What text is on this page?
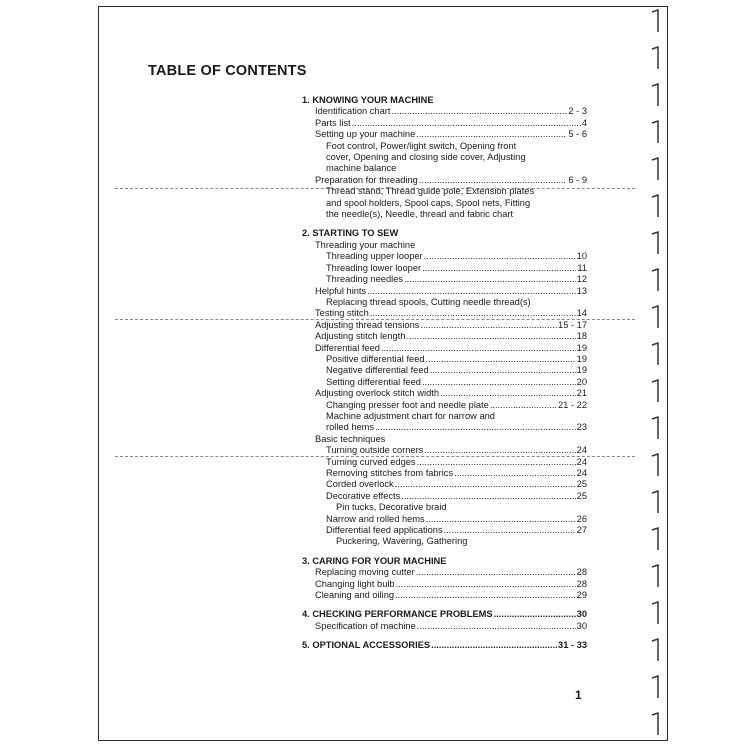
TABLE OF CONTENTS
1. KNOWING YOUR MACHINE
Identification chart .....	2 - 3
Parts list .....	4
Setting up your machine .....	5 - 6
Foot control, Power/light switch, Opening front
cover, Opening and closing side cover, Adjusting
machine balance
Preparation for threading .....	6 - 9
Thread stand, Thread guide pole, Extension plates
and spool holders, Spool caps, Spool nets, Fitting
the needle(s), Needle, thread and fabric chart
2. STARTING TO SEW
Threading your machine
Threading upper looper .....	10
Threading lower looper .....	11
Threading needles .....	12
Helpful hints .....	13
Replacing thread spools, Cutting needle thread(s)
Testing stitch .....	14
Adjusting thread tensions .....	15 - 17
Adjusting stitch length .....	18
Differential feed .....	19
Positive differential feed .....	19
Negative differential feed .....	19
Setting differential feed .....	20
Adjusting overlock stitch width .....	21
Changing presser foot and needle plate .....	21 - 22
Machine adjustment chart for narrow and
rolled hems .....	23
Basic techniques
Turning outside corners .....	24
Turning curved edges .....	24
Removing stitches from fabrics .....	24
Corded overlock .....	25
Decorative effects .....	25
Pin tucks, Decorative braid
Narrow and rolled hems .....	26
Differential feed applications .....	27
Puckering, Wavering, Gathering
3. CARING FOR YOUR MACHINE
Replacing moving cutter .....	28
Changing light bulb .....	28
Cleaning and oiling .....	29
4. CHECKING PERFORMANCE PROBLEMS .....	30
Specification of machine .....	30
5. OPTIONAL ACCESSORIES .....	31 - 33
1
